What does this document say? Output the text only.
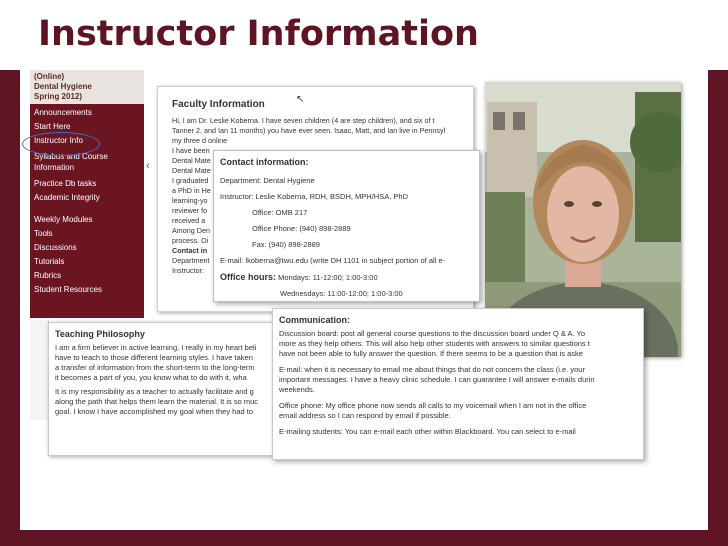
Instructor Information
(Online)
Dental Hygiene
Spring 2012)
Announcements
Start Here
Instructor Info
Syllabus and Course
Information
Practice Db tasks
Academic Integrity
Weekly Modules
Tools
Discussions
Tutorials
Rubrics
Student Resources
‹
Faculty Information
Hi, I am Dr. Leslie Koberna. I have seven children (4 are step children), and six of t
Tanner 2, and Ian 11 months) you have ever seen. Isaac, Matt, and Ian live in Pennsyl
my three d online
I have been
Dental Mate
Dental Mate
I graduated
a PhD in He
learning-yo
reviewer fo
received a
Among Den
process. Oi
Contact in
Department
Instructor:
↖
Contact information:
Department: Dental Hygiene
Instructor: Leslie Koberna, RDH, BSDH, MPH/HSA, PhD
Office: OMB 217
Office Phone: (940) 898-2889
Fax: (940) 898-2889
E-mail: lkoberna@twu.edu (write DH 1101 in subject portion of all e-
Office hours: Mondays: 11-12:00; 1:00-3:00
Wednesdays: 11:00-12:00; 1:00-3:00
Teaching Philosophy
I am a firm believer in active learning. I really in my heart beli
have to teach to those different learning styles. I have taken
a transfer of information from the short-term to the long-term
it becomes a part of you, you know what to do with it, wha
It is my responsibility as a teacher to actually facilitate and g
along the path that helps them learn the material. It is so muc
goal. I know I have accomplished my goal when they had to
Communication:
Discussion board: post all general course questions to the discussion board under Q & A. Yo
more as they help others. This will also help other students with answers to similar questions t
have not been able to fully answer the question. If there seems to be a question that is aske
E-mail: when it is necessary to email me about things that do not concern the class (i.e. your
important messages. I have a heavy clinic schedule. I can guarantee I will answer e-mails durin
weekends.
Office phone: My office phone now sends all calls to my voicemail when I am not in the office
email address so I can respond by email if possible.
E-mailing students: You can e-mail each other within Blackboard. You can select to e-mail
